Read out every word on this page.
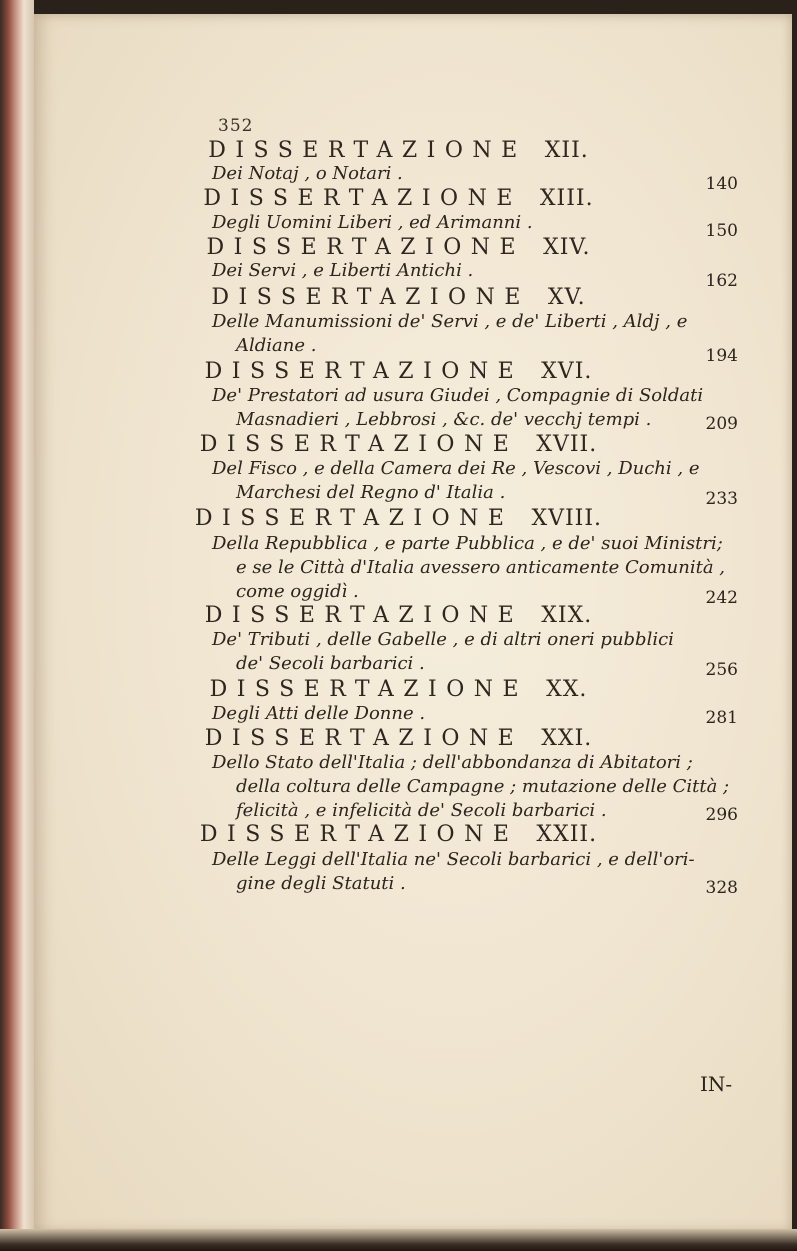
352
DISSERTAZIONE XII.
Dei Notaj , o Notari .	140
DISSERTAZIONE XIII.
Degli Uomini Liberi , ed Arimanni .	150
DISSERTAZIONE XIV.
Dei Servi , e Liberti Antichi .	162
DISSERTAZIONE XV.
Delle Manumissioni de' Servi , e de' Liberti , Aldj , e
Aldiane .	194
DISSERTAZIONE XVI.
De' Prestatori ad usura Giudei , Compagnie di Soldati
Masnadieri , Lebbrosi , &c. de' vecchj tempi .	209
DISSERTAZIONE XVII.
Del Fisco , e della Camera dei Re , Vescovi , Duchi , e
Marchesi del Regno d' Italia .	233
DISSERTAZIONE XVIII.
Della Repubblica , e parte Pubblica , e de' suoi Ministri;
e se le Città d'Italia avessero anticamente Comunità ,
come oggidì .	242
DISSERTAZIONE XIX.
De' Tributi , delle Gabelle , e di altri oneri pubblici
de' Secoli barbarici .	256
DISSERTAZIONE XX.
Degli Atti delle Donne .	281
DISSERTAZIONE XXI.
Dello Stato dell'Italia ; dell'abbondanza di Abitatori ;
della coltura delle Campagne ; mutazione delle Città ;
felicità , e infelicità de' Secoli barbarici .	296
DISSERTAZIONE XXII.
Delle Leggi dell'Italia ne' Secoli barbarici , e dell'ori-
gine degli Statuti .	328
IN-
